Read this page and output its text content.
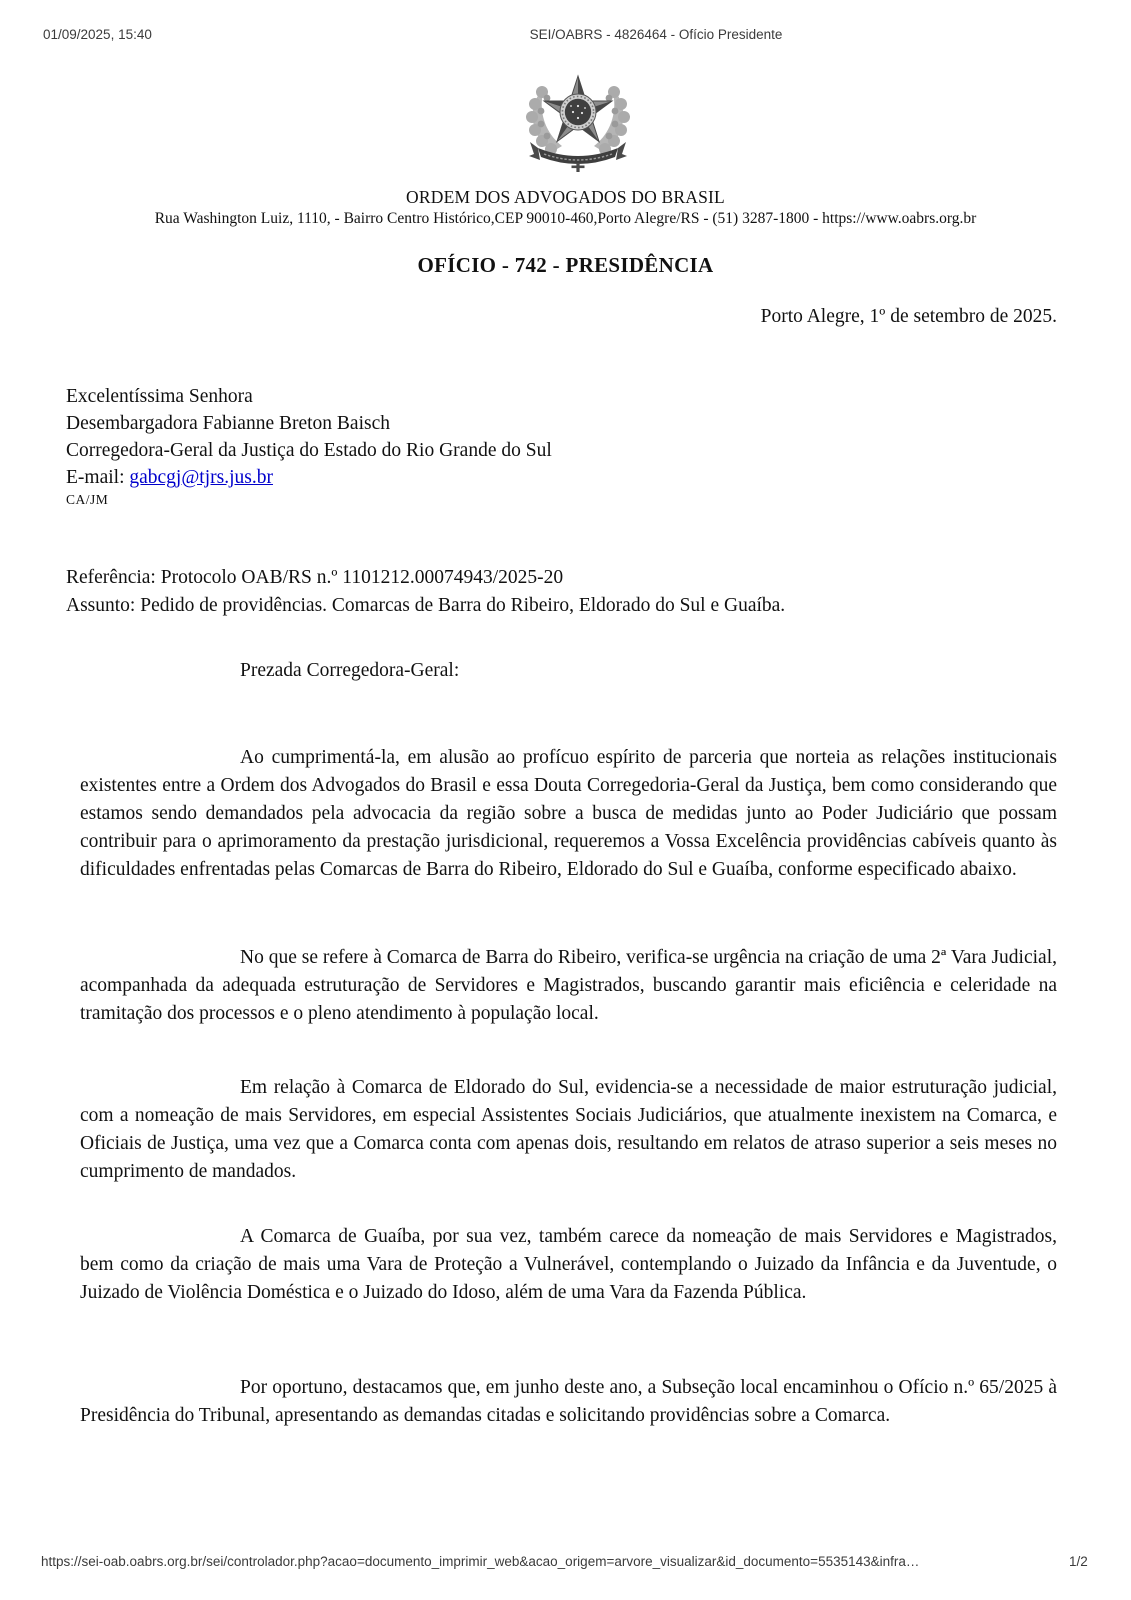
01/09/2025, 15:40	SEI/OABRS - 4826464 - Ofício Presidente
ORDEM DOS ADVOGADOS DO BRASIL
Rua Washington Luiz, 1110, - Bairro Centro Histórico,CEP 90010-460,Porto Alegre/RS - (51) 3287-1800 - https://www.oabrs.org.br
OFÍCIO - 742 - PRESIDÊNCIA
Porto Alegre, 1º de setembro de 2025.
Excelentíssima Senhora
Desembargadora Fabianne Breton Baisch
Corregedora-Geral da Justiça do Estado do Rio Grande do Sul
E-mail: gabcgj@tjrs.jus.br
CA/JM
Referência: Protocolo OAB/RS n.º 1101212.00074943/2025-20
Assunto: Pedido de providências. Comarcas de Barra do Ribeiro, Eldorado do Sul e Guaíba.
Prezada Corregedora-Geral:

Ao cumprimentá-la, em alusão ao profícuo espírito de parceria que norteia as relações institucionais existentes entre a Ordem dos Advogados do Brasil e essa Douta Corregedoria-Geral da Justiça, bem como considerando que estamos sendo demandados pela advocacia da região sobre a busca de medidas junto ao Poder Judiciário que possam contribuir para o aprimoramento da prestação jurisdicional, requeremos a Vossa Excelência providências cabíveis quanto às dificuldades enfrentadas pelas Comarcas de Barra do Ribeiro, Eldorado do Sul e Guaíba, conforme especificado abaixo.

No que se refere à Comarca de Barra do Ribeiro, verifica-se urgência na criação de uma 2ª Vara Judicial, acompanhada da adequada estruturação de Servidores e Magistrados, buscando garantir mais eficiência e celeridade na tramitação dos processos e o pleno atendimento à população local.

Em relação à Comarca de Eldorado do Sul, evidencia-se a necessidade de maior estruturação judicial, com a nomeação de mais Servidores, em especial Assistentes Sociais Judiciários, que atualmente inexistem na Comarca, e Oficiais de Justiça, uma vez que a Comarca conta com apenas dois, resultando em relatos de atraso superior a seis meses no cumprimento de mandados.

A Comarca de Guaíba, por sua vez, também carece da nomeação de mais Servidores e Magistrados, bem como da criação de mais uma Vara de Proteção a Vulnerável, contemplando o Juizado da Infância e da Juventude, o Juizado de Violência Doméstica e o Juizado do Idoso, além de uma Vara da Fazenda Pública.

Por oportuno, destacamos que, em junho deste ano, a Subseção local encaminhou o Ofício n.º 65/2025 à Presidência do Tribunal, apresentando as demandas citadas e solicitando providências sobre a Comarca.

https://sei-oab.oabrs.org.br/sei/controlador.php?acao=documento_imprimir_web&acao_origem=arvore_visualizar&id_documento=5535143&infra…	1/2
